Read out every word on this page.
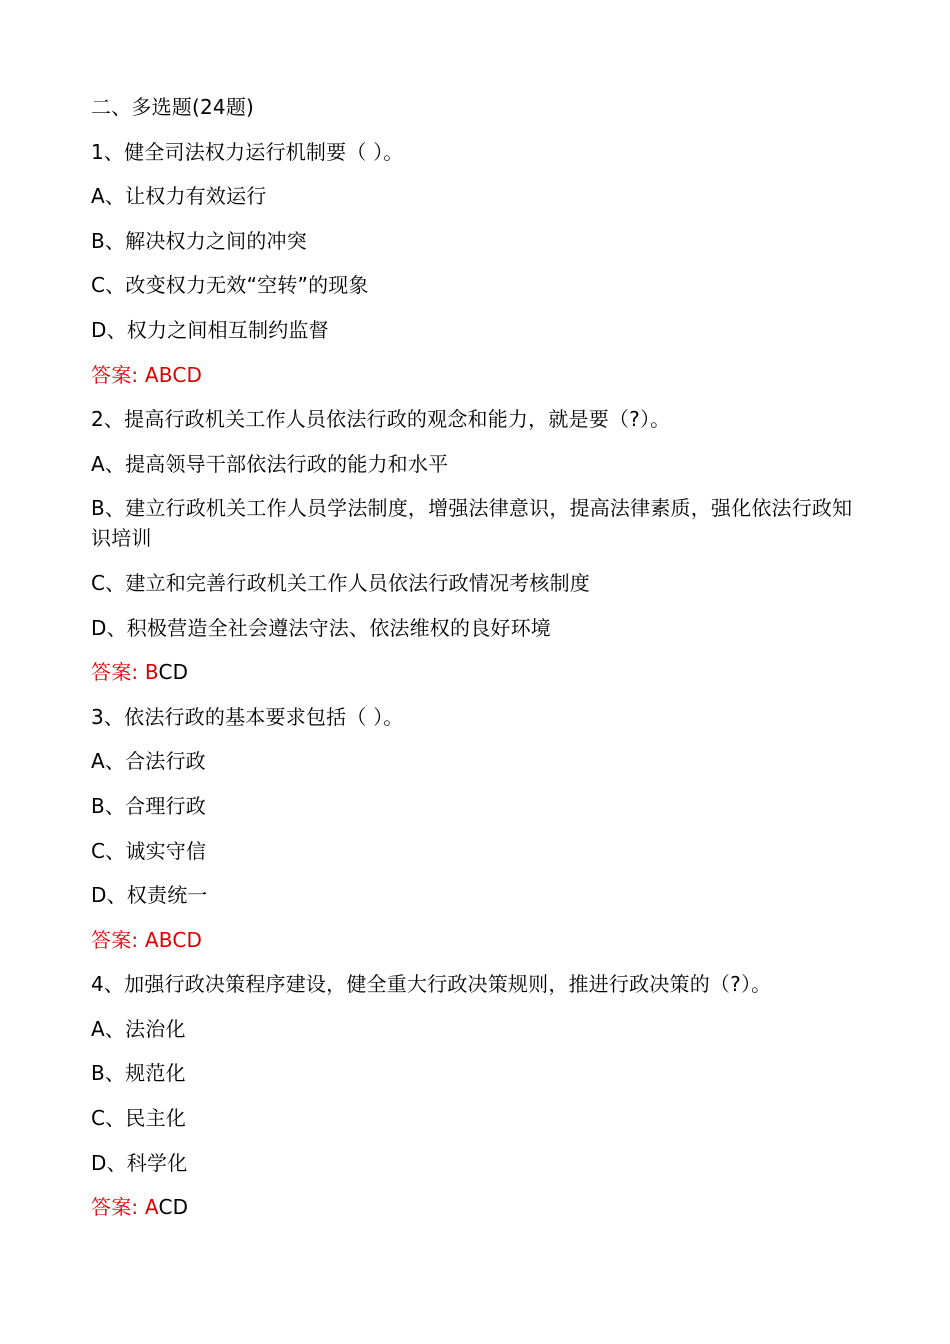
二、多选题(24题)
1、健全司法权力运行机制要（ ）。
A、让权力有效运行
B、解决权力之间的冲突
C、改变权力无效“空转”的现象
D、权力之间相互制约监督
答案: ABCD
2、提高行政机关工作人员依法行政的观念和能力，就是要（?）。
A、提高领导干部依法行政的能力和水平
B、建立行政机关工作人员学法制度，增强法律意识，提高法律素质，强化依法行政知识培训
C、建立和完善行政机关工作人员依法行政情况考核制度
D、积极营造全社会遵法守法、依法维权的良好环境
答案: BCD
3、依法行政的基本要求包括（ ）。
A、合法行政
B、合理行政
C、诚实守信
D、权责统一
答案: ABCD
4、加强行政决策程序建设，健全重大行政决策规则，推进行政决策的（?）。
A、法治化
B、规范化
C、民主化
D、科学化
答案: ACD
